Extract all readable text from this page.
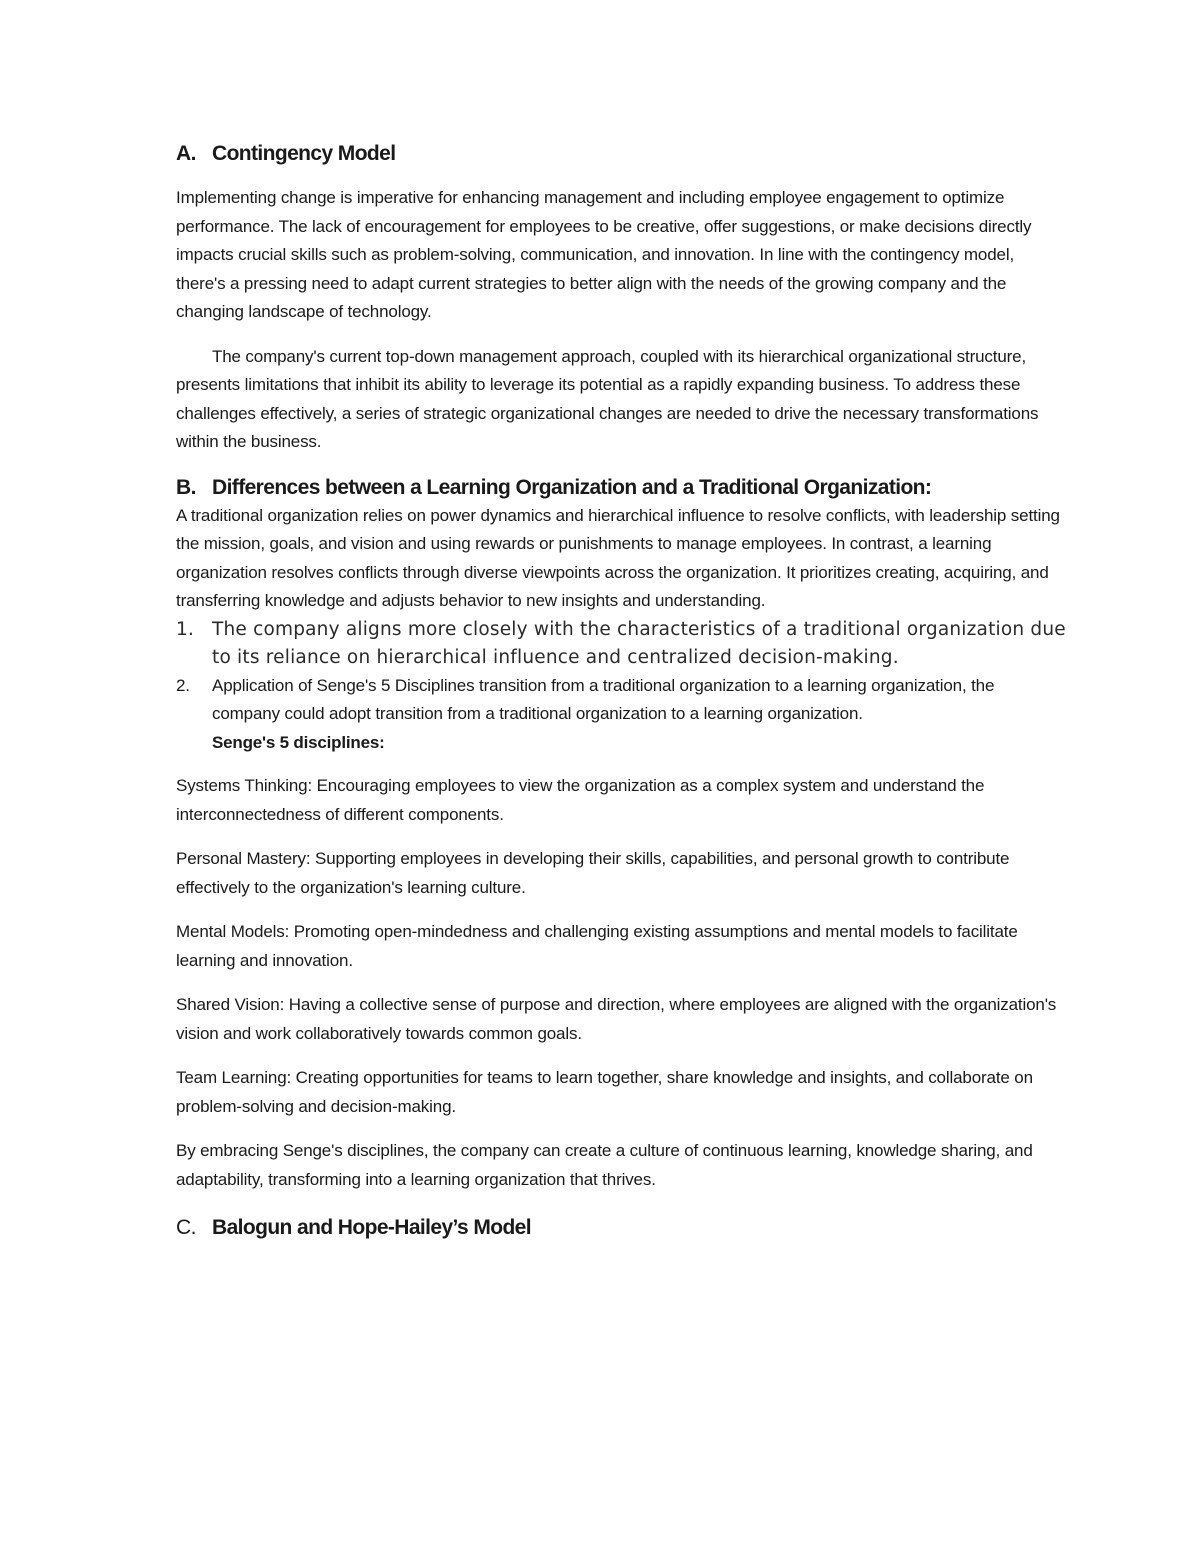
A. Contingency Model

Implementing change is imperative for enhancing management and including employee engagement to optimize performance. The lack of encouragement for employees to be creative, offer suggestions, or make decisions directly impacts crucial skills such as problem-solving, communication, and innovation. In line with the contingency model, there's a pressing need to adapt current strategies to better align with the needs of the growing company and the changing landscape of technology.

The company's current top-down management approach, coupled with its hierarchical organizational structure, presents limitations that inhibit its ability to leverage its potential as a rapidly expanding business. To address these challenges effectively, a series of strategic organizational changes are needed to drive the necessary transformations within the business.

B. Differences between a Learning Organization and a Traditional Organization:

A traditional organization relies on power dynamics and hierarchical influence to resolve conflicts, with leadership setting the mission, goals, and vision and using rewards or punishments to manage employees. In contrast, a learning organization resolves conflicts through diverse viewpoints across the organization. It prioritizes creating, acquiring, and transferring knowledge and adjusts behavior to new insights and understanding.

1. The company aligns more closely with the characteristics of a traditional organization due to its reliance on hierarchical influence and centralized decision-making.
2.	Application of Senge's 5 Disciplines transition from a traditional organization to a learning organization, the company could adopt transition from a traditional organization to a learning organization.

Senge's 5 disciplines:

Systems Thinking: Encouraging employees to view the organization as a complex system and understand the interconnectedness of different components.

Personal Mastery: Supporting employees in developing their skills, capabilities, and personal growth to contribute effectively to the organization's learning culture.

Mental Models: Promoting open-mindedness and challenging existing assumptions and mental models to facilitate learning and innovation.

Shared Vision: Having a collective sense of purpose and direction, where employees are aligned with the organization's vision and work collaboratively towards common goals.

Team Learning: Creating opportunities for teams to learn together, share knowledge and insights, and collaborate on problem-solving and decision-making.

By embracing Senge's disciplines, the company can create a culture of continuous learning, knowledge sharing, and adaptability, transforming into a learning organization that thrives.

C. Balogun and Hope-Hailey’s Model
